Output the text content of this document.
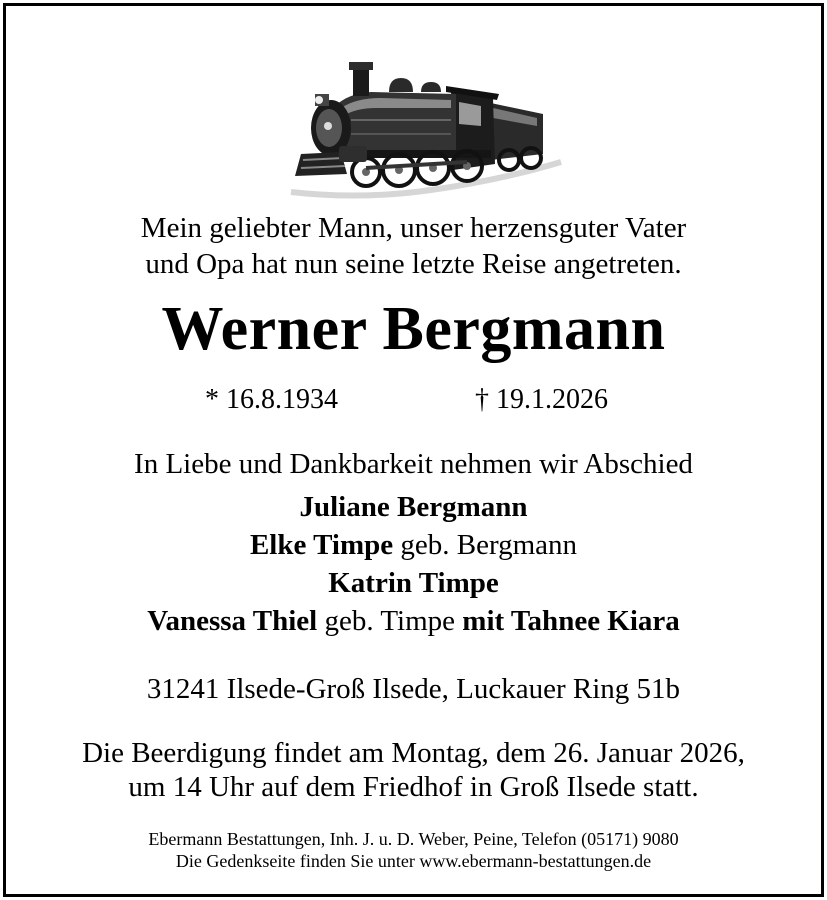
Mein geliebter Mann, unser herzensguter Vater
und Opa hat nun seine letzte Reise angetreten.
Werner Bergmann
* 16.8.1934	† 19.1.2026
In Liebe und Dankbarkeit nehmen wir Abschied
Juliane Bergmann
Elke Timpe geb. Bergmann
Katrin Timpe
Vanessa Thiel geb. Timpe mit Tahnee Kiara
31241 Ilsede-Groß Ilsede, Luckauer Ring 51b
Die Beerdigung findet am Montag, dem 26. Januar 2026,
um 14 Uhr auf dem Friedhof in Groß Ilsede statt.
Ebermann Bestattungen, Inh. J. u. D. Weber, Peine, Telefon (05171) 9080
Die Gedenkseite finden Sie unter www.ebermann-bestattungen.de
